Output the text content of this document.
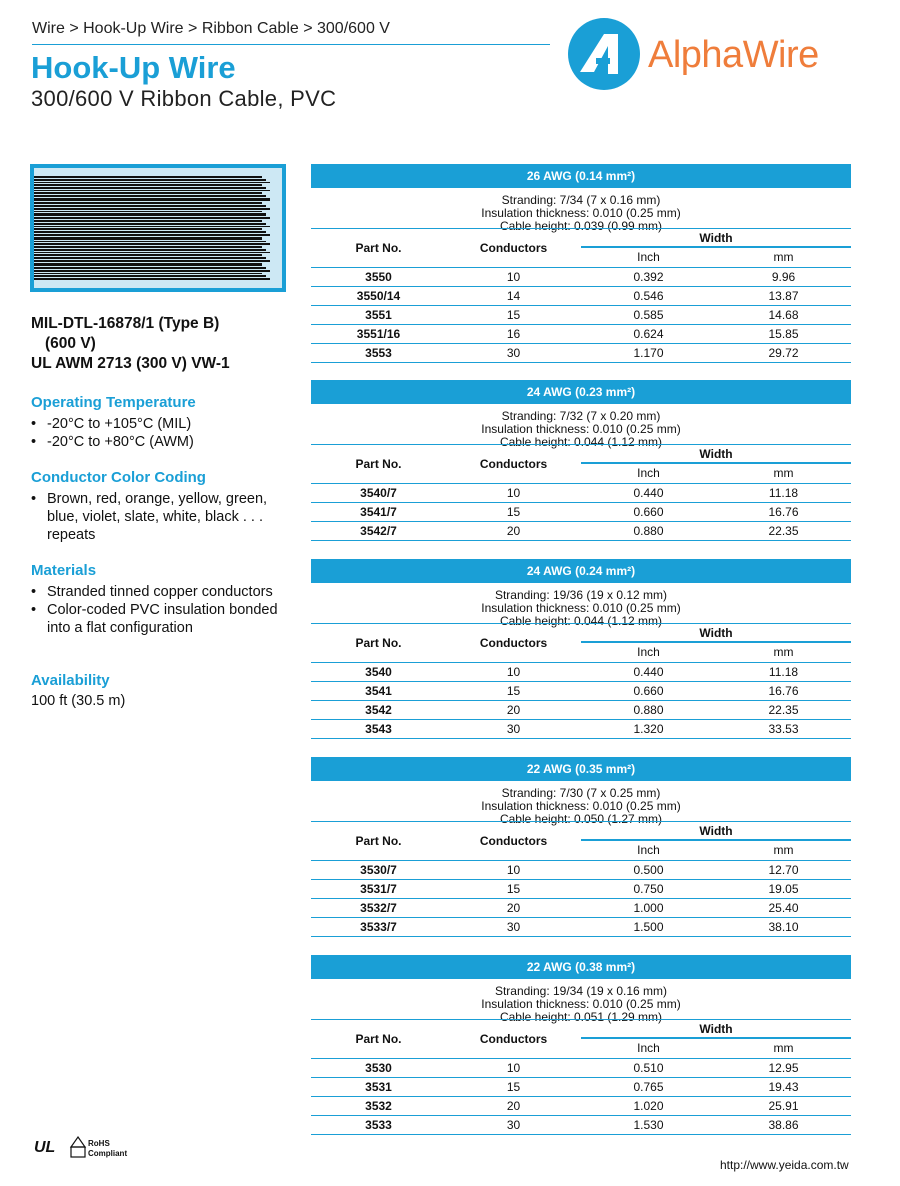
Wire > Hook-Up Wire > Ribbon Cable > 300/600 V
Hook-Up Wire
300/600 V Ribbon Cable, PVC
AlphaWire
MIL-DTL-16878/1 (Type B)
(600 V)
UL AWM 2713 (300 V) VW-1
Operating Temperature
• -20°C to +105°C (MIL)
• -20°C to +80°C (AWM)
Conductor Color Coding
• Brown, red, orange, yellow, green, blue, violet, slate, white, black . . . repeats
Materials
• Stranded tinned copper conductors
• Color-coded PVC insulation bonded into a flat configuration
Availability
100 ft (30.5 m)
26 AWG (0.14 mm²)
Stranding: 7/34 (7 x 0.16 mm)
Insulation thickness: 0.010 (0.25 mm)
Cable height: 0.039 (0.99 mm)
Part No.	Conductors
Width
Inch	mm
3550	10	0.392	9.96
3550/14	14	0.546	13.87
3551	15	0.585	14.68
3551/16	16	0.624	15.85
3553	30	1.170	29.72
24 AWG (0.23 mm²)
Stranding: 7/32 (7 x 0.20 mm)
Insulation thickness: 0.010 (0.25 mm)
Cable height: 0.044 (1.12 mm)
Part No.	Conductors
Width
Inch	mm
3540/7	10	0.440	11.18
3541/7	15	0.660	16.76
3542/7	20	0.880	22.35
24 AWG (0.24 mm²)
Stranding: 19/36 (19 x 0.12 mm)
Insulation thickness: 0.010 (0.25 mm)
Cable height: 0.044 (1.12 mm)
Part No.	Conductors
Width
Inch	mm
3540	10	0.440	11.18
3541	15	0.660	16.76
3542	20	0.880	22.35
3543	30	1.320	33.53
22 AWG (0.35 mm²)
Stranding: 7/30 (7 x 0.25 mm)
Insulation thickness: 0.010 (0.25 mm)
Cable height: 0.050 (1.27 mm)
Part No.	Conductors
Width
Inch	mm
3530/7	10	0.500	12.70
3531/7	15	0.750	19.05
3532/7	20	1.000	25.40
3533/7	30	1.500	38.10
22 AWG (0.38 mm²)
Stranding: 19/34 (19 x 0.16 mm)
Insulation thickness: 0.010 (0.25 mm)
Cable height: 0.051 (1.29 mm)
Part No.	Conductors
Width
Inch	mm
3530	10	0.510	12.95
3531	15	0.765	19.43
3532	20	1.020	25.91
3533	30	1.530	38.86
UL	RoHS
Compliant
http://www.yeida.com.tw
